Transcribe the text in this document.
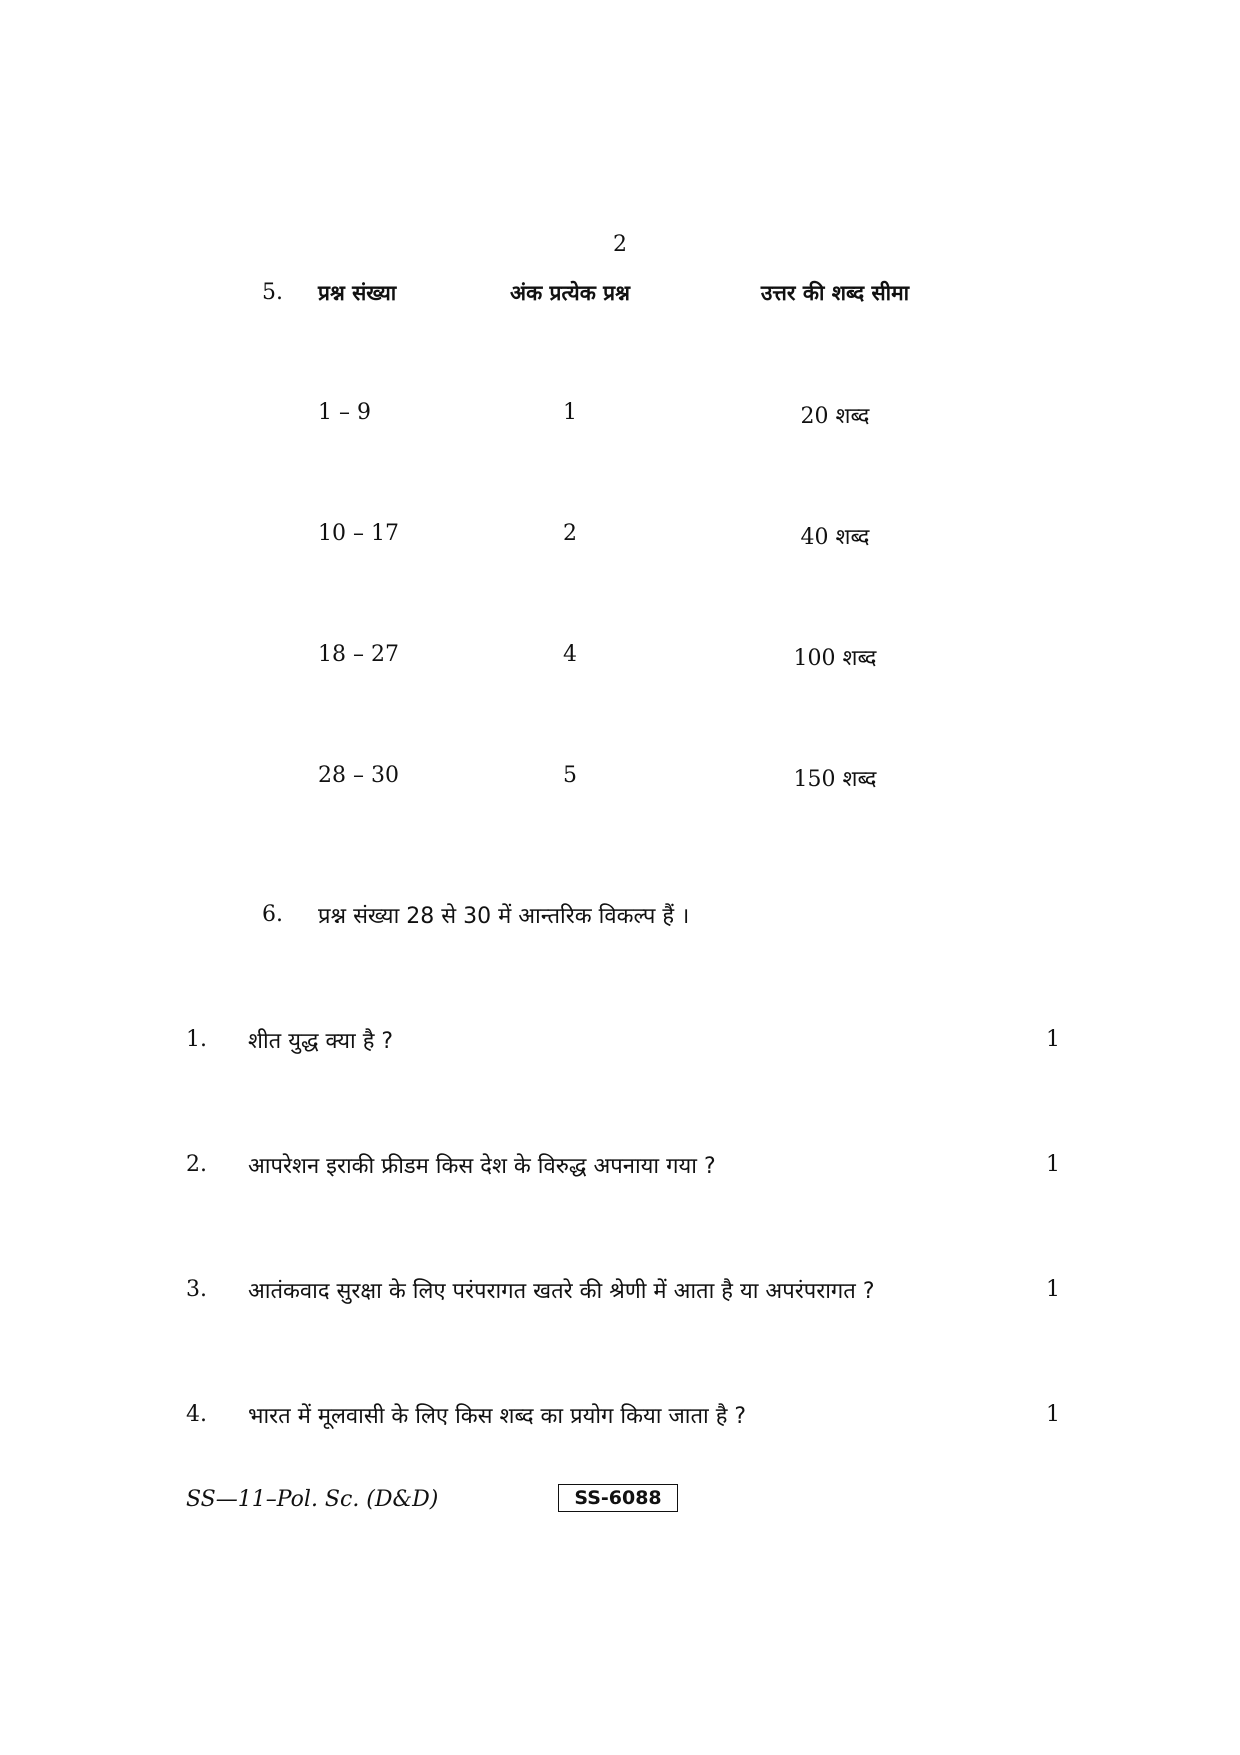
2
5. प्रश्न संख्या	अंक प्रत्येक प्रश्न	उत्तर की शब्द सीमा
1 – 9	1	20 शब्द
10 – 17	2	40 शब्द
18 – 27	4	100 शब्द
28 – 30	5	150 शब्द
6. प्रश्न संख्या 28 से 30 में आन्तरिक विकल्प हैं ।
1. शीत युद्ध क्या है ?	1
2. आपरेशन इराकी फ्रीडम किस देश के विरुद्ध अपनाया गया ?	1
3. आतंकवाद सुरक्षा के लिए परंपरागत खतरे की श्रेणी में आता है या अपरंपरागत ?	1
4. भारत में मूलवासी के लिए किस शब्द का प्रयोग किया जाता है ?	1
SS—11–Pol. Sc. (D&D)	SS-6088
